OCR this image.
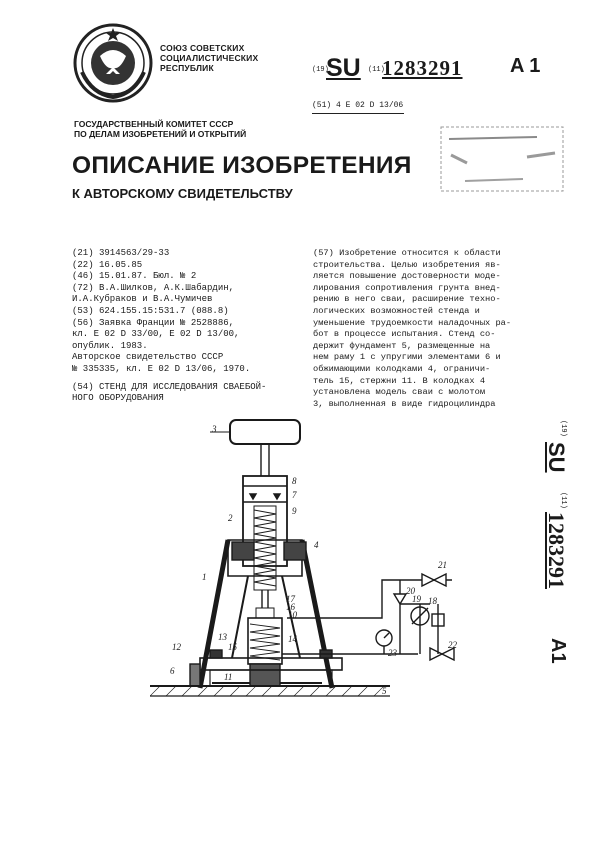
СОЮЗ СОВЕТСКИХ
СОЦИАЛИСТИЧЕСКИХ
РЕСПУБЛИК	(19)
SU (11)
1283291 A 1
(51) 4 E 02 D 13/06
ГОСУДАРСТВЕННЫЙ КОМИТЕТ СССР
ПО ДЕЛАМ ИЗОБРЕТЕНИЙ И ОТКРЫТИЙ
ОПИСАНИЕ ИЗОБРЕТЕНИЯ
К АВТОРСКОМУ СВИДЕТЕЛЬСТВУ
(21) 3914563/29-33
(22) 16.05.85
(46) 15.01.87. Бюл. № 2
(72) В.А.Шилков, А.К.Шабардин,
И.А.Кубраков и В.А.Чумичев
(53) 624.155.15:531.7 (088.8)
(56) Заявка Франции № 2528886,
кл. E 02 D 33/00, E 02 D 13/00,
опублик. 1983.
Авторское свидетельство СССР
№ 335335, кл. E 02 D 13/06, 1970.
(54) СТЕНД ДЛЯ ИССЛЕДОВАНИЯ СВАЕБОЙ-
НОГО ОБОРУДОВАНИЯ
(57) Изобретение относится к области
строительства. Целью изобретения яв-
ляется повышение достоверности моде-
лирования сопротивления грунта внед-
рению в него сваи, расширение техно-
логических возможностей стенда и
уменьшение трудоемкости наладочных ра-
бот в процессе испытания. Стенд со-
держит фундамент 5, размещенные на
нем раму 1 с упругими элементами 6 и
обжимающими колодками 4, ограничи-
тель 15, стержни 11. В колодках 4
установлена модель сваи с молотом
3, выполненная в виде гидроцилиндра
(19)
SU
(11)
1283291
A1
3
8
7
9
2
4
1
17
16
10
14
13
12	15
6
11
5
21
20
19 18
23
22
